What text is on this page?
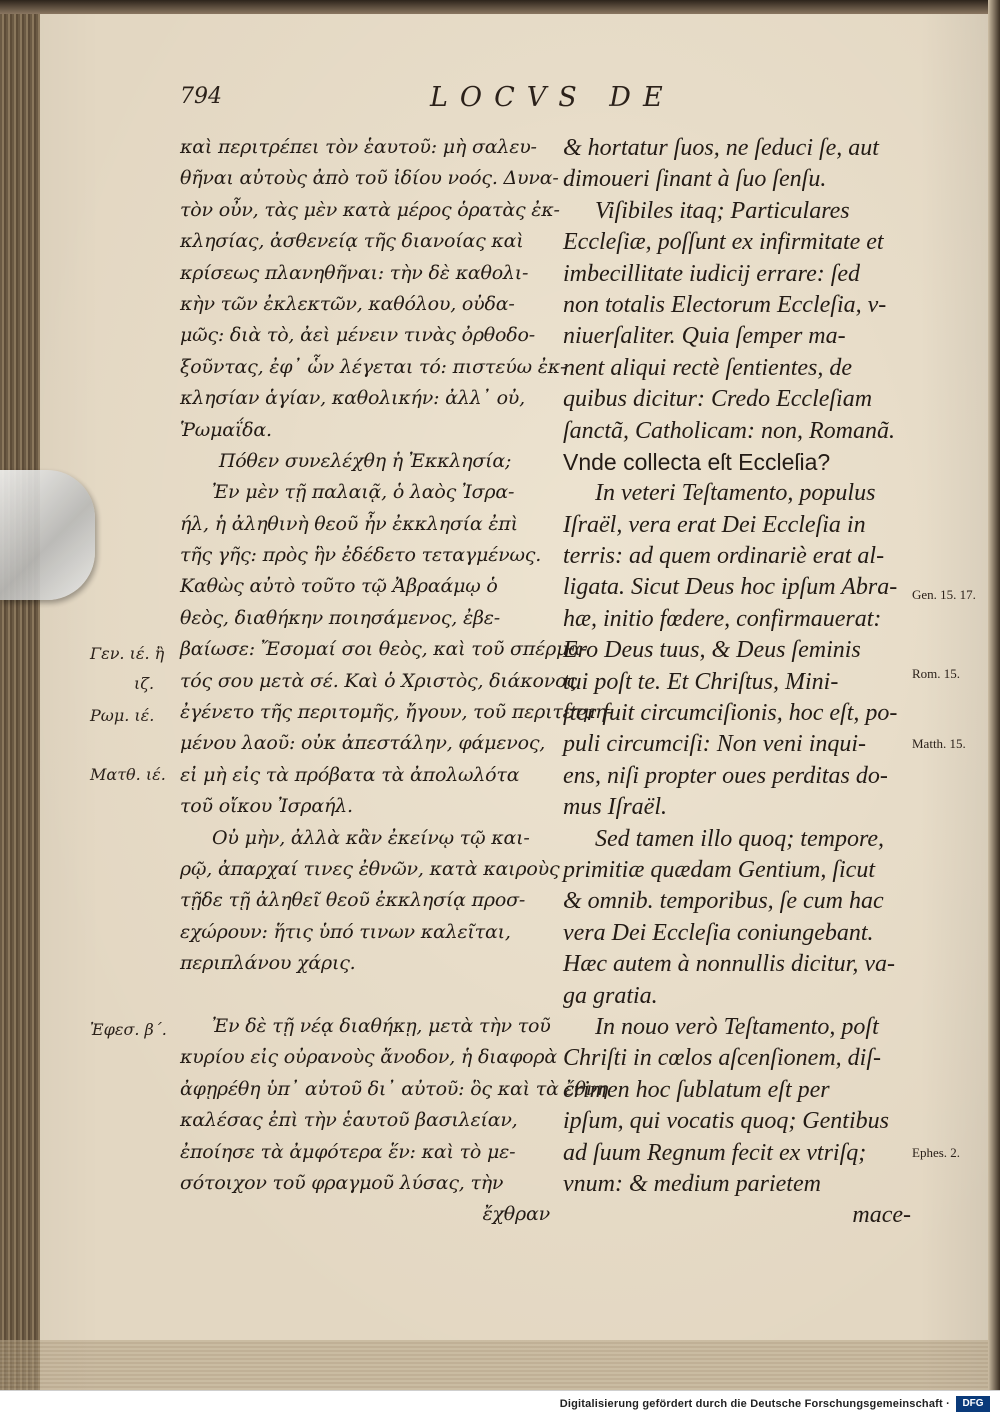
794	LOCVS DE
καὶ περιτρέπει τὸν ἑαυτοῦ: μὴ σαλευ-
θῆναι αὐτοὺς ἀπὸ τοῦ ἰδίου νοός. Δυνα-
τὸν οὖν, τὰς μὲν κατὰ μέρος ὁρατὰς ἐκ-
κλησίας, ἀσθενείᾳ τῆς διανοίας καὶ
κρίσεως πλανηθῆναι: τὴν δὲ καθολι-
κὴν τῶν ἐκλεκτῶν, καθόλου, οὐδα-
μῶς: διὰ τὸ, ἀεὶ μένειν τινὰς ὀρθοδο-
ξοῦντας, ἐφ᾽ ὧν λέγεται τό: πιστεύω ἐκ-
κλησίαν ἁγίαν, καθολικήν: ἀλλ᾽ οὐ,
Ῥωμαΐδα.
Πόθεν συνελέχθη ἡ Ἐκκλησία;
Ἐν μὲν τῇ παλαιᾷ, ὁ λαὸς Ἰσρα-
ήλ, ἡ ἀληθινὴ θεοῦ ἦν ἐκκλησία ἐπὶ
τῆς γῆς: πρὸς ἣν ἐδέδετο τεταγμένως.
Καθὼς αὐτὸ τοῦτο τῷ Ἀβραάμῳ ὁ
θεὸς, διαθήκην ποιησάμενος, ἐβε-
βαίωσε: Ἔσομαί σοι θεὸς, καὶ τοῦ σπέρμα-
τός σου μετὰ σέ. Καὶ ὁ Χριστὸς, διάκονος
ἐγένετο τῆς περιτομῆς, ἤγουν, τοῦ περιτετμη-
μένου λαοῦ: οὐκ ἀπεστάλην, φάμενος,
εἰ μὴ εἰς τὰ πρόβατα τὰ ἀπολωλότα
τοῦ οἴκου Ἰσραήλ.
Οὐ μὴν, ἀλλὰ κἂν ἐκείνῳ τῷ και-
ρῷ, ἀπαρχαί τινες ἐθνῶν, κατὰ καιροὺς
τῇδε τῇ ἀληθεῖ θεοῦ ἐκκλησίᾳ προσ-
εχώρουν: ἥτις ὑπό τινων καλεῖται,
περιπλάνου χάρις.
Ἐν δὲ τῇ νέᾳ διαθήκῃ, μετὰ τὴν τοῦ
κυρίου εἰς οὐρανοὺς ἄνοδον, ἡ διαφορὰ
ἀφῃρέθη ὑπ᾽ αὐτοῦ δι᾽ αὐτοῦ: ὃς καὶ τὰ ἔθνη
καλέσας ἐπὶ τὴν ἑαυτοῦ βασιλείαν,
ἐποίησε τὰ ἀμφότερα ἕν: καὶ τὸ με-
σότοιχον τοῦ φραγμοῦ λύσας, τὴν
ἔχθραν
& hortatur ſuos, ne ſeduci ſe, aut
dimoueri ſinant à ſuo ſenſu.
Viſibiles itaq; Particulares
Eccleſiæ, poſſunt ex infirmitate et
imbecillitate iudicij errare: ſed
non totalis Electorum Eccleſia, v-
niuerſaliter. Quia ſemper ma-
nent aliqui rectè ſentientes, de
quibus dicitur: Credo Eccleſiam
ſanctã, Catholicam: non, Romanã.
Vnde collecta eſt Eccleſia?
In veteri Teſtamento, populus
Iſraël, vera erat Dei Eccleſia in
terris: ad quem ordinariè erat al-
ligata. Sicut Deus hoc ipſum Abra-
hæ, initio fœdere, confirmauerat:
Ero Deus tuus, & Deus ſeminis
tui poſt te. Et Chriſtus, Mini-
ſter fuit circumciſionis, hoc eſt, po-
puli circumciſi: Non veni inqui-
ens, niſi propter oues perditas do-
mus Iſraël.
Sed tamen illo quoq; tempore,
primitiæ quædam Gentium, ſicut
& omnib. temporibus, ſe cum hac
vera Dei Eccleſia coniungebant.
Hæc autem à nonnullis dicitur, va-
ga gratia.
In nouo verò Teſtamento, poſt
Chriſti in cœlos aſcenſionem, diſ-
crimen hoc ſublatum eſt per
ipſum, qui vocatis quoq; Gentibus
ad ſuum Regnum fecit ex vtriſq;
vnum: & medium parietem
mace-
Γεν. ιέ. ἢ
ιζ.
Ρωμ. ιέ.
Ματθ. ιέ.
Ἐφεσ. β΄.
Gen. 15. 17.
Rom. 15.
Matth. 15.
Ephes. 2.
Digitalisierung gefördert durch die Deutsche Forschungsgemeinschaft ·	DFG
